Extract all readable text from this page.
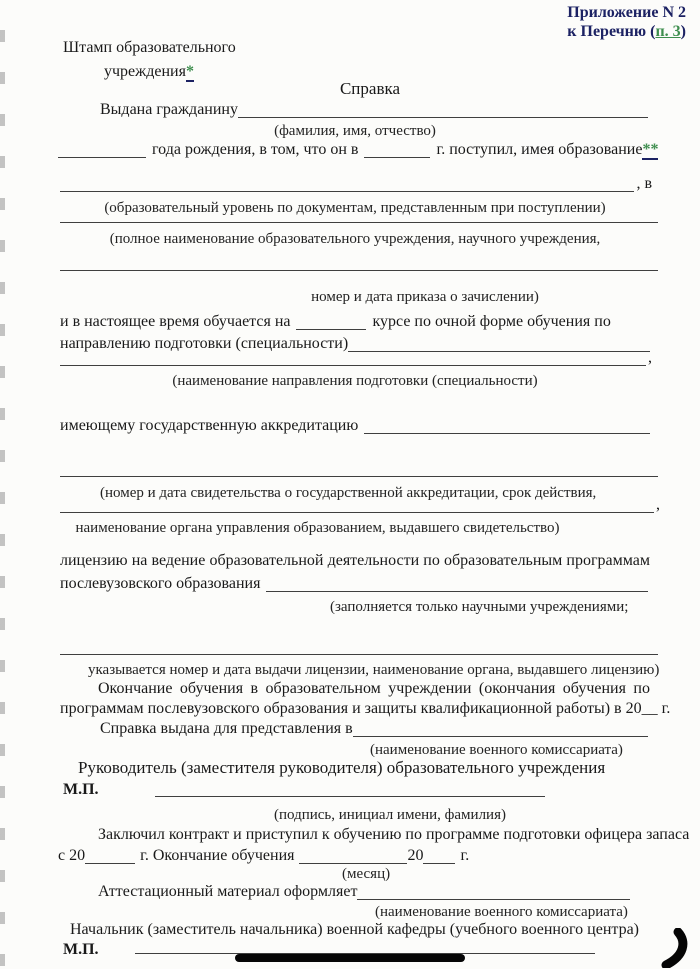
Приложение N 2
к Перечню (п. 3)
Штамп образовательного
учреждения*
Справка
Выдана гражданину
(фамилия, имя, отчество)
года рождения, в том, что он в	г. поступил, имея образование**
, в
(образовательный уровень по документам, представленным при поступлении)
(полное наименование образовательного учреждения, научного учреждения,
номер и дата приказа о зачислении)
и в настоящее время обучается на	курсе по очной форме обучения по
направлению подготовки (специальности)
,
(наименование направления подготовки (специальности)
имеющему государственную аккредитацию
(номер и дата свидетельства о государственной аккредитации, срок действия,
,
наименование органа управления образованием, выдавшего свидетельство)
лицензию на ведение образовательной деятельности по образовательным программам
послевузовского образования
(заполняется только научными учреждениями;
указывается номер и дата выдачи лицензии, наименование органа, выдавшего лицензию)
Окончание обучения в образовательном учреждении (окончания обучения по
программам послевузовского образования и защиты квалификационной работы) в 20__ г.
Справка выдана для представления в
(наименование военного комиссариата)
Руководитель (заместителя руководителя) образовательного учреждения
М.П.
(подпись, инициал имени, фамилия)
Заключил контракт и приступил к обучению по программе подготовки офицера запаса
с 20	г. Окончание обучения	20 г.
(месяц)
Аттестационный материал оформляет
(наименование военного комиссариата)
Начальник (заместитель начальника) военной кафедры (учебного военного центра)
М.П.
